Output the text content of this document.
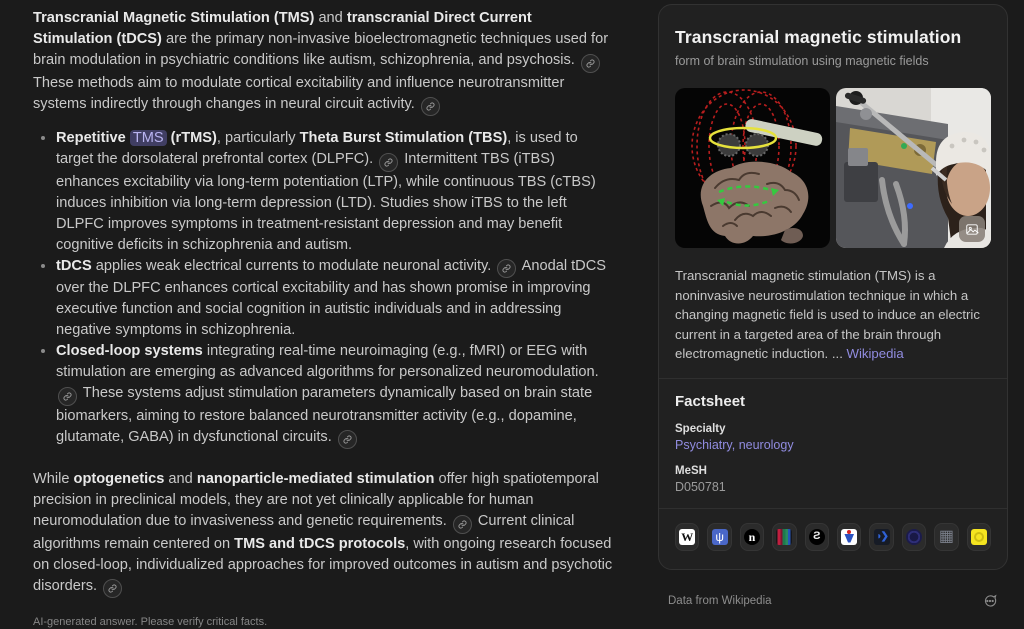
Transcranial Magnetic Stimulation (TMS) and transcranial Direct Current Stimulation (tDCS) are the primary non-invasive bioelectromagnetic techniques used for brain modulation in psychiatric conditions like autism, schizophrenia, and psychosis.
These methods aim to modulate cortical excitability and influence neurotransmitter systems indirectly through changes in neural circuit activity.

• Repetitive TMS (rTMS), particularly Theta Burst Stimulation (TBS), is used to target the dorsolateral prefrontal cortex (DLPFC).
Intermittent TBS (iTBS) enhances excitability via long-term potentiation (LTP), while continuous TBS (cTBS) induces inhibition via long-term depression (LTD). Studies show iTBS to the left DLPFC improves symptoms in treatment-resistant depression and may benefit cognitive deficits in schizophrenia and autism.
• tDCS applies weak electrical currents to modulate neuronal activity.
Anodal tDCS over the DLPFC enhances cortical excitability and has shown promise in improving executive function and social cognition in autistic individuals and in addressing negative symptoms in schizophrenia.
• Closed-loop systems integrating real-time neuroimaging (e.g., fMRI) or EEG with stimulation are emerging as advanced algorithms for personalized neuromodulation.
These systems adjust stimulation parameters dynamically based on brain state biomarkers, aiming to restore balanced neurotransmitter activity (e.g., dopamine, glutamate, GABA) in dysfunctional circuits.

While optogenetics and nanoparticle-mediated stimulation offer high spatiotemporal precision in preclinical models, they are not yet clinically applicable for human neuromodulation due to invasiveness and genetic requirements.
Current clinical algorithms remain centered on TMS and tDCS protocols, with ongoing research focused on closed-loop, individualized approaches for improved outcomes in autism and psychotic disorders.

AI-generated answer. Please verify critical facts.
Transcranial magnetic stimulation
form of brain stimulation using magnetic fields

Transcranial magnetic stimulation (TMS) is a noninvasive neurostimulation technique in which a changing magnetic field is used to induce an electric current in a targeted area of the brain through electromagnetic induction. ... Wikipedia

Factsheet
Specialty
Psychiatry, neurology
MeSH
D050781
W	ψ	n	Ƨ	◗❯	▦
Data from Wikipedia
